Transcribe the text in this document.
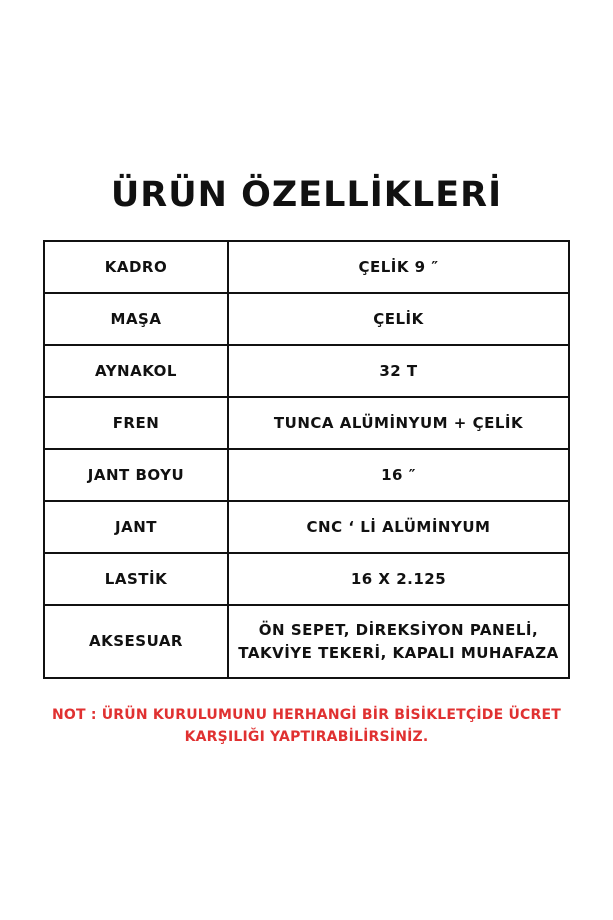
ÜRÜN ÖZELLİKLERİ
KADRO	ÇELİK 9 ″
MAŞA	ÇELİK
AYNAKOL	32 T
FREN	TUNCA ALÜMİNYUM + ÇELİK
JANT BOYU	16 ″
JANT	CNC ‘ Lİ ALÜMİNYUM
LASTİK	16 X 2.125
AKSESUAR	ÖN SEPET, DİREKSİYON PANELİ,
TAKVİYE TEKERİ, KAPALI MUHAFAZA
NOT : ÜRÜN KURULUMUNU HERHANGİ BİR BİSİKLETÇİDE ÜCRET
KARŞILIĞI YAPTIRABİLİRSİNİZ.
